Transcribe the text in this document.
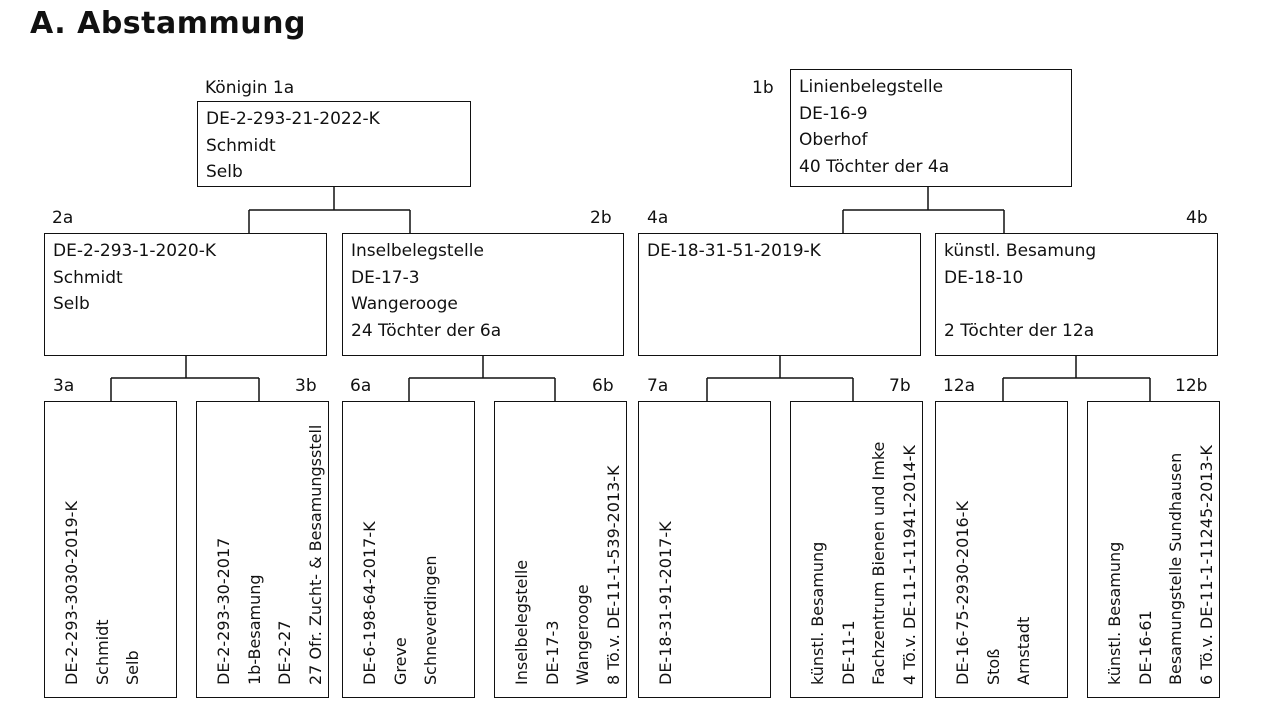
A. Abstammung
Königin 1a	1b
DE-2-293-21-2022-K
Schmidt
Selb
Linienbelegstelle
DE-16-9
Oberhof
40 Töchter der 4a
2a	2b 4a	4b
DE-2-293-1-2020-K
Schmidt
Selb
Inselbelegstelle
DE-17-3
Wangerooge
24 Töchter der 6a
DE-18-31-51-2019-K	künstl. Besamung
DE-18-10
2 Töchter der 12a
3a	3b 6a	6b 7a	7b 12a	12b
DE-2-293-3030-2019-K Schmidt Selb	DE-2-293-30-2017 1b-Besamung DE-2-27 27 Ofr. Zucht- & Besamungsstell	DE-6-198-64-2017-K Greve Schneverdingen	Inselbelegstelle DE-17-3 Wangerooge 8 Tö.v. DE-11-1-539-2013-K	DE-18-31-91-2017-K	künstl. Besamung DE-11-1 Fachzentrum Bienen und Imke 4 Tö.v. DE-11-1-11941-2014-K	DE-16-75-2930-2016-K Stoß Arnstadt	künstl. Besamung DE-16-61 Besamungstelle Sundhausen 6 Tö.v. DE-11-1-11245-2013-K
